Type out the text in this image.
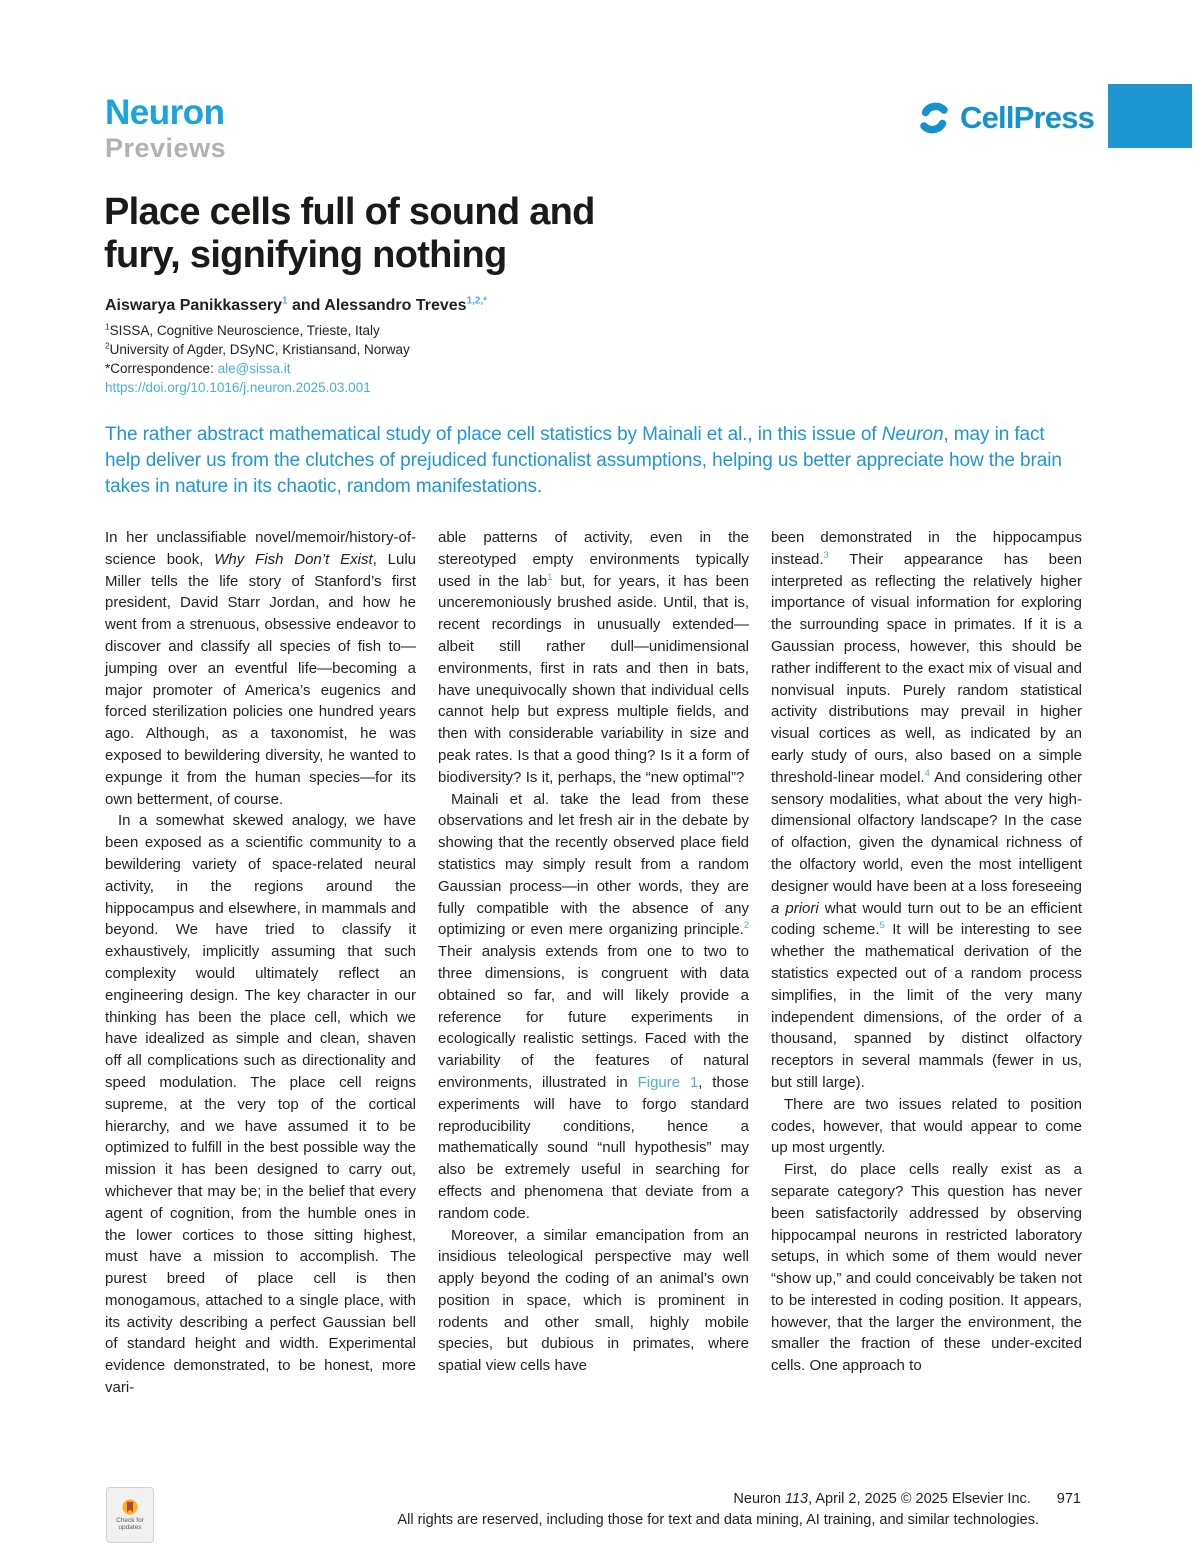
Neuron
Previews
CellPress
Place cells full of sound and
fury, signifying nothing
Aiswarya Panikkassery$^1$ and Alessandro Treves$^{1,2,*}$
$^1$SISSA, Cognitive Neuroscience, Trieste, Italy
$^2$University of Agder, DSyNC, Kristiansand, Norway
*Correspondence: ale@sissa.it
https://doi.org/10.1016/j.neuron.2025.03.001

The rather abstract mathematical study of place cell statistics by Mainali et al., in this issue of Neuron, may in fact help deliver us from the clutches of prejudiced functionalist assumptions, helping us better appreciate how the brain takes in nature in its chaotic, random manifestations.

In her unclassifiable novel/memoir/history-of-science book, Why Fish Don’t Exist, Lulu Miller tells the life story of Stanford’s first president, David Starr Jordan, and how he went from a strenuous, obsessive endeavor to discover and classify all species of fish to—jumping over an eventful life—becoming a major promoter of America’s eugenics and forced sterilization policies one hundred years ago. Although, as a taxonomist, he was exposed to bewildering diversity, he wanted to expunge it from the human species—for its own betterment, of course.

In a somewhat skewed analogy, we have been exposed as a scientific community to a bewildering variety of space-related neural activity, in the regions around the hippocampus and elsewhere, in mammals and beyond. We have tried to classify it exhaustively, implicitly assuming that such complexity would ultimately reflect an engineering design. The key character in our thinking has been the place cell, which we have idealized as simple and clean, shaven off all complications such as directionality and speed modulation. The place cell reigns supreme, at the very top of the cortical hierarchy, and we have assumed it to be optimized to fulfill in the best possible way the mission it has been designed to carry out, whichever that may be; in the belief that every agent of cognition, from the humble ones in the lower cortices to those sitting highest, must have a mission to accomplish. The purest breed of place cell is then monogamous, attached to a single place, with its activity describing a perfect Gaussian bell of standard height and width. Experimental evidence demonstrated, to be honest, more vari-

able patterns of activity, even in the stereotyped empty environments typically used in the lab$^1$ but, for years, it has been unceremoniously brushed aside. Until, that is, recent recordings in unusually extended—albeit still rather dull—unidimensional environments, first in rats and then in bats, have unequivocally shown that individual cells cannot help but express multiple fields, and then with considerable variability in size and peak rates. Is that a good thing? Is it a form of biodiversity? Is it, perhaps, the “new optimal”?

Mainali et al. take the lead from these observations and let fresh air in the debate by showing that the recently observed place field statistics may simply result from a random Gaussian process—in other words, they are fully compatible with the absence of any optimizing or even mere organizing principle.$^2$ Their analysis extends from one to two to three dimensions, is congruent with data obtained so far, and will likely provide a reference for future experiments in ecologically realistic settings. Faced with the variability of the features of natural environments, illustrated in Figure 1, those experiments will have to forgo standard reproducibility conditions, hence a mathematically sound “null hypothesis” may also be extremely useful in searching for effects and phenomena that deviate from a random code.

Moreover, a similar emancipation from an insidious teleological perspective may well apply beyond the coding of an animal’s own position in space, which is prominent in rodents and other small, highly mobile species, but dubious in primates, where spatial view cells have

been demonstrated in the hippocampus instead.$^3$ Their appearance has been interpreted as reflecting the relatively higher importance of visual information for exploring the surrounding space in primates. If it is a Gaussian process, however, this should be rather indifferent to the exact mix of visual and nonvisual inputs. Purely random statistical activity distributions may prevail in higher visual cortices as well, as indicated by an early study of ours, also based on a simple threshold-linear model.$^4$ And considering other sensory modalities, what about the very high-dimensional olfactory landscape? In the case of olfaction, given the dynamical richness of the olfactory world, even the most intelligent designer would have been at a loss foreseeing a priori what would turn out to be an efficient coding scheme.$^5$ It will be interesting to see whether the mathematical derivation of the statistics expected out of a random process simplifies, in the limit of the very many independent dimensions, of the order of a thousand, spanned by distinct olfactory receptors in several mammals (fewer in us, but still large).

There are two issues related to position codes, however, that would appear to come up most urgently.

First, do place cells really exist as a separate category? This question has never been satisfactorily addressed by observing hippocampal neurons in restricted laboratory setups, in which some of them would never “show up,” and could conceivably be taken not to be interested in coding position. It appears, however, that the larger the environment, the smaller the fraction of these under-excited cells. One approach to

Neuron 113, April 2, 2025 © 2025 Elsevier Inc. 971
All rights are reserved, including those for text and data mining, AI training, and similar technologies.
Check for updates
